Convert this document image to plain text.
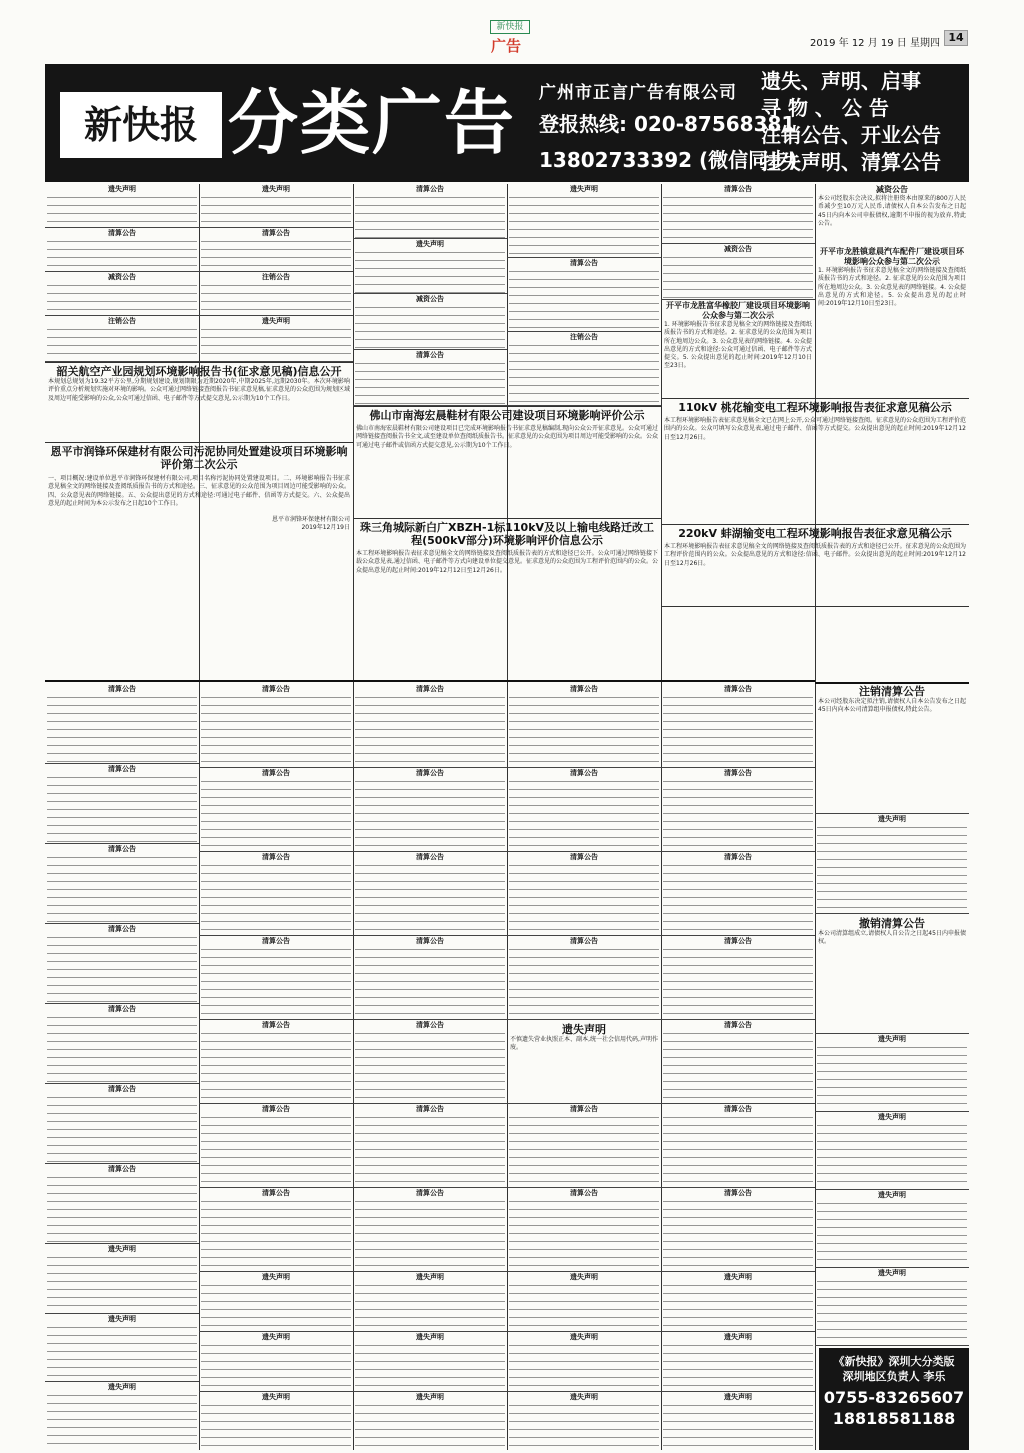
新快报
广告	2019 年 12 月 19 日 星期四 14
新快报 分类广告 广州市正言广告有限公司
登报热线: 020-87568381
13802733392 (微信同步)
遗失、声明、启事
寻 物 、 公 告
注销公告、开业公告
挂失声明、清算公告
遗失声明
清算公告
减资公告
注销公告
遗失声明
清算公告
注销公告
遗失声明
韶关航空产业园规划环境影响报告书(征求意见稿)信息公开
本规划总规划为19.32平方公里,分期规划建设,规划期限为近期2020年,中期2025年,远期2030年。本次环境影响评价重点分析规划实施对环境的影响。公众可通过网络链接查阅报告书征求意见稿,征求意见的公众范围为规划区域及周边可能受影响的公众,公众可通过信函、电子邮件等方式提交意见,公示期为10个工作日。
恩平市润锋环保建材有限公司污泥协同处置建设项目环境影响评价第二次公示
一、项目概况:建设单位恩平市润锋环保建材有限公司,项目名称污泥协同处置建设项目。二、环境影响报告书征求意见稿全文的网络链接及查阅纸质报告书的方式和途径。三、征求意见的公众范围为项目周边可能受影响的公众。四、公众意见表的网络链接。五、公众提出意见的方式和途径:可通过电子邮件、信函等方式提交。六、公众提出意见的起止时间为本公示发布之日起10个工作日。
恩平市润锋环保建材有限公司
2019年12月19日
清算公告
遗失声明
减资公告
清算公告
遗失声明
清算公告
注销公告
佛山市南海宏晨鞋材有限公司建设项目环境影响评价公示
佛山市南海宏晨鞋材有限公司建设项目已完成环境影响报告书征求意见稿编制,现向公众公开征求意见。公众可通过网络链接查阅报告书全文,或至建设单位查阅纸质报告书。征求意见的公众范围为项目周边可能受影响的公众。公众可通过电子邮件或信函方式提交意见,公示期为10个工作日。
珠三角城际新白广XBZH-1标110kV及以上输电线路迁改工程(500kV部分)环境影响评价信息公示
本工程环境影响报告表征求意见稿全文的网络链接及查阅纸质报告表的方式和途径已公开。公众可通过网络链接下载公众意见表,通过信函、电子邮件等方式向建设单位提交意见。征求意见的公众范围为工程评价范围内的公众。公众提出意见的起止时间:2019年12月12日至12月26日。
清算公告
减资公告
减资公告
本公司经股东会决议,拟将注册资本由原来的800万人民币减少至10万元人民币,请债权人自本公告发布之日起45日内向本公司申报债权,逾期不申报的视为放弃,特此公告。
开平市龙胜富华橡胶厂建设项目环境影响公众参与第二次公示
1. 环境影响报告书征求意见稿全文的网络链接及查阅纸质报告书的方式和途径。2. 征求意见的公众范围为项目所在地周边公众。3. 公众意见表的网络链接。4. 公众提出意见的方式和途径:公众可通过信函、电子邮件等方式提交。5. 公众提出意见的起止时间:2019年12月10日至23日。
开平市龙胜镇意晨汽车配件厂建设项目环境影响公众参与第二次公示
1. 环境影响报告书征求意见稿全文的网络链接及查阅纸质报告书的方式和途径。2. 征求意见的公众范围为项目所在地周边公众。3. 公众意见表的网络链接。4. 公众提出意见的方式和途径。5. 公众提出意见的起止时间:2019年12月10日至23日。
110kV 桃花输变电工程环境影响报告表征求意见稿公示
本工程环境影响报告表征求意见稿全文已在网上公开,公众可通过网络链接查阅。征求意见的公众范围为工程评价范围内的公众。公众可填写公众意见表,通过电子邮件、信函等方式提交。公众提出意见的起止时间:2019年12月12日至12月26日。
220kV 蚌湖输变电工程环境影响报告表征求意见稿公示
本工程环境影响报告表征求意见稿全文的网络链接及查阅纸质报告表的方式和途径已公开。征求意见的公众范围为工程评价范围内的公众。公众提出意见的方式和途径:信函、电子邮件。公众提出意见的起止时间:2019年12月12日至12月26日。
清算公告
清算公告
清算公告
清算公告
清算公告
清算公告
清算公告
遗失声明
遗失声明
遗失声明
清算公告
清算公告
清算公告
清算公告
清算公告
清算公告
清算公告
遗失声明
遗失声明
遗失声明
清算公告
清算公告
清算公告
清算公告
清算公告
清算公告
清算公告
遗失声明
遗失声明
遗失声明
清算公告
清算公告
清算公告
清算公告
遗失声明
不慎遗失营业执照正本、副本,统一社会信用代码,声明作废。
清算公告
清算公告
遗失声明
遗失声明
遗失声明
清算公告
清算公告
清算公告
清算公告
清算公告
清算公告
清算公告
遗失声明
遗失声明
遗失声明
注销清算公告
本公司经股东决定拟注销,请债权人自本公告发布之日起45日内向本公司清算组申报债权,特此公告。
遗失声明
撤销清算公告
本公司清算组成立,请债权人自公告之日起45日内申报债权。
遗失声明
遗失声明
遗失声明
遗失声明
《新快报》深圳大分类版
深圳地区负责人 李乐
0755-83265607
18818581188
